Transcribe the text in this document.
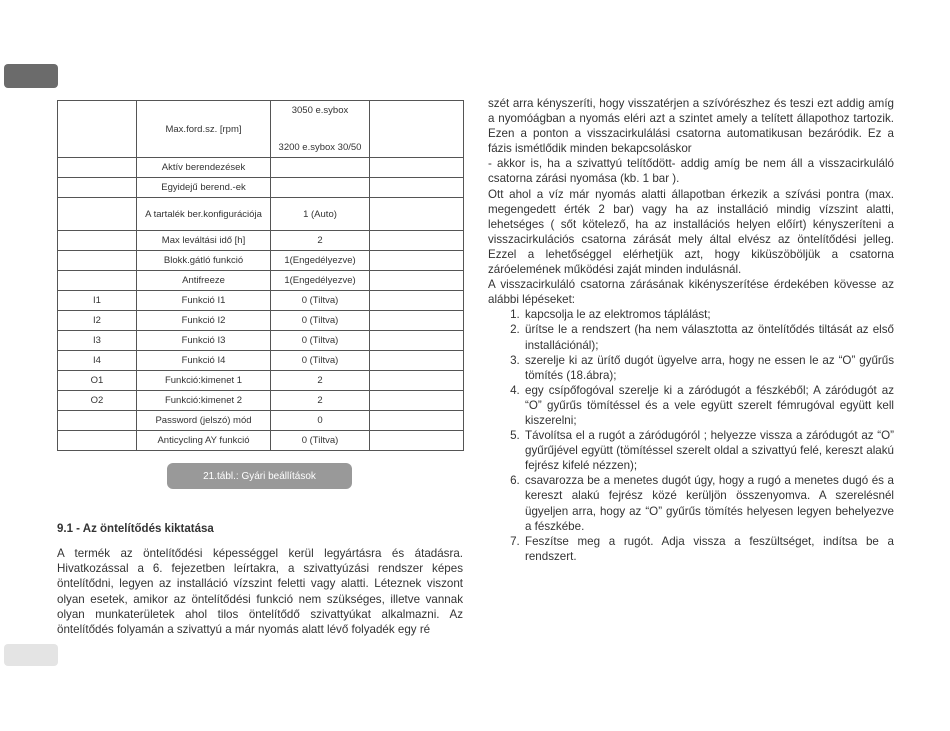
	Max.ford.sz. [rpm]	3050 e.sybox
3200 e.sybox 30/50	

	Aktív berendezések		
	Egyidejű berend.-ek		
	A tartalék ber.konfigurációja	1 (Auto)	
	Max leváltási idő [h]	2	
	Blokk.gátló funkció	1(Engedélyezve)	
	Antifreeze	1(Engedélyezve)	
I1	Funkció I1	0 (Tiltva)	
I2	Funkció I2	0 (Tiltva)	
I3	Funkció I3	0 (Tiltva)	
I4	Funkció I4	0 (Tiltva)	
O1	Funkció:kimenet 1	2	
O2	Funkció:kimenet 2	2	
	Password (jelszó) mód	0	
	Anticycling AY funkció	0 (Tiltva)	
21.tábl.: Gyári beállítások
9.1 - Az öntelítődés kiktatása
A termék az öntelítődési képességgel kerül legyártásra és átadásra. Hivatkozással a 6. fejezetben leírtakra, a szivattyúzási rendszer képes öntelítődni, legyen az installáció vízszint feletti vagy alatti. Léteznek viszont olyan esetek, amikor az öntelítődési funkció nem szükséges, illetve vannak olyan munkaterületek ahol tilos öntelítődő szivattyúkat alkalmazni. Az öntelítődés folyamán a szivattyú a már nyomás alatt lévő folyadék egy ré

szét arra kényszeríti, hogy visszatérjen a szívórészhez és teszi ezt addig amíg a nyomóágban a nyomás eléri azt a szintet amely a telített állapothoz tartozik. Ezen a ponton a visszacirkulálási csatorna automatikusan bezáródik. Ez a fázis ismétlődik minden bekapcsoláskor

- akkor is, ha a szivattyú telítődött- addig amíg be nem áll a visszacirkuláló csatorna zárási nyomása (kb. 1 bar ).

Ott ahol a víz már nyomás alatti állapotban érkezik a szívási pontra (max. megengedett érték 2 bar) vagy ha az installáció mindig vízszint alatti, lehetséges ( sőt kötelező, ha az installációs helyen előírt) kényszeríteni a visszacirkulációs csatorna zárását mely által elvész az öntelítődési jelleg. Ezzel a lehetőséggel elérhetjük azt, hogy kiküszöböljük a csatorna záróelemének működési zaját minden indulásnál.

A visszacirkuláló csatorna zárásának kikényszerítése érdekében kövesse az alábbi lépéseket:

1. kapcsolja le az elektromos táplálást;
2. ürítse le a rendszert (ha nem választotta az öntelítődés tiltását az első installációnál);
3. szerelje ki az ürítő dugót ügyelve arra, hogy ne essen le az “O” gyűrűs tömítés (18.ábra);
4. egy csípőfogóval szerelje ki a záródugót a fészkéből; A záródugót az “O” gyűrűs tömítéssel és a vele együtt szerelt fémrugóval együtt kell kiszerelni;
5. Távolítsa el a rugót a záródugóról ; helyezze vissza a záródugót az “O” gyűrűjével együtt (tömítéssel szerelt oldal a szivattyú felé, kereszt alakú fejrész kifelé nézzen);
6. csavarozza be a menetes dugót úgy, hogy a rugó a menetes dugó és a kereszt alakú fejrész közé kerüljön összenyomva. A szerelésnél ügyeljen arra, hogy az “O” gyűrűs tömítés helyesen legyen behelyezve a fészkébe.
7. Feszítse meg a rugót. Adja vissza a feszültséget, indítsa be a rendszert.
